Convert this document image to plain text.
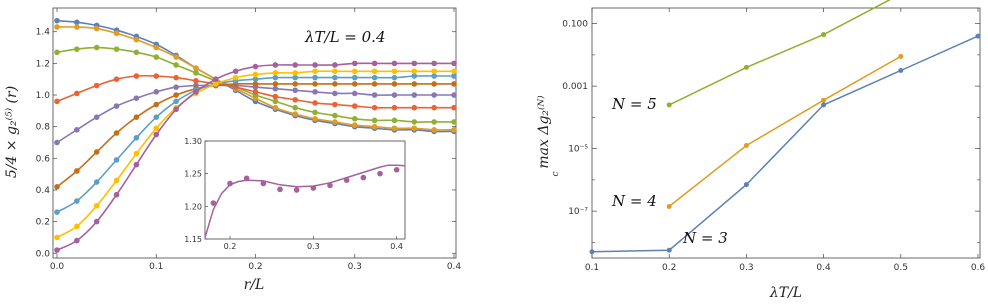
0.0	0.1	0.2	0.3	0.4
0.0
0.2
0.4
0.6
0.8
1.0
1.2
1.4	λT/L = 0.4
r/L
5/4 × g₂⁽⁵⁾ (r)
0.2	0.3	0.4
1.15
1.20
1.25
1.30
0.1	0.2	0.3	0.4	0.5	0.6
0.100
0.001
10⁻⁵
10⁻⁷
N = 5
N = 4
N = 3
λT/L
max Δg₂⁽ᴺ⁾
c
